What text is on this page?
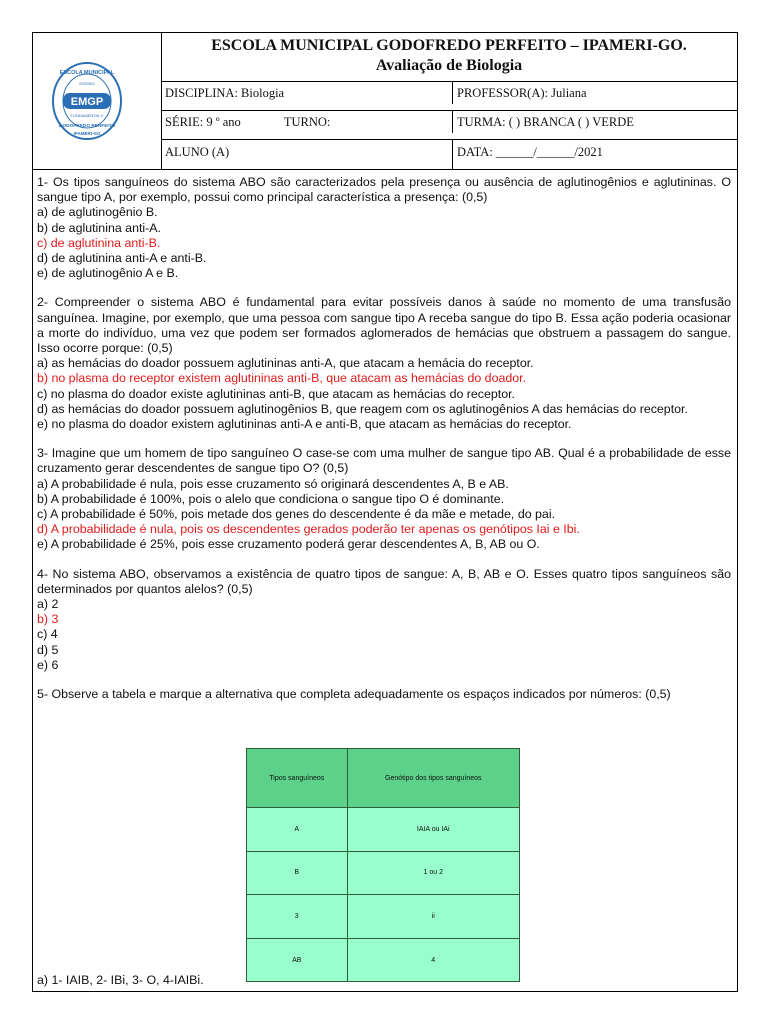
EMGP
ESCOLA MUNICIPAL
ENSINO
FUNDAMENTAL II
GODOFREDO PERFEITO
IPAMERI-GO
ESCOLA MUNICIPAL GODOFREDO PERFEITO – IPAMERI-GO.
Avaliação de Biologia
DISCIPLINA: Biologia	PROFESSOR(A): Juliana
SÉRIE: 9 º ano	TURNO:	TURMA: ( ) BRANCA ( ) VERDE
ALUNO (A)	DATA: ______/______/2021
1- Os tipos sanguíneos do sistema ABO são caracterizados pela presença ou ausência de aglutinogênios e aglutininas. O sangue tipo A, por exemplo, possui como principal característica a presença: (0,5)
a) de aglutinogênio B.
b) de aglutinina anti-A.
c) de aglutinina anti-B.
d) de aglutinina anti-A e anti-B.
e) de aglutinogênio A e B.
2- Compreender o sistema ABO é fundamental para evitar possíveis danos à saúde no momento de uma transfusão sanguínea. Imagine, por exemplo, que uma pessoa com sangue tipo A receba sangue do tipo B. Essa ação poderia ocasionar a morte do indivíduo, uma vez que podem ser formados aglomerados de hemácias que obstruem a passagem do sangue. Isso ocorre porque: (0,5)
a) as hemácias do doador possuem aglutininas anti-A, que atacam a hemácia do receptor.
b) no plasma do receptor existem aglutininas anti-B, que atacam as hemácias do doador.
c) no plasma do doador existe aglutininas anti-B, que atacam as hemácias do receptor.
d) as hemácias do doador possuem aglutinogênios B, que reagem com os aglutinogênios A das hemácias do receptor.
e) no plasma do doador existem aglutininas anti-A e anti-B, que atacam as hemácias do receptor.
3- Imagine que um homem de tipo sanguíneo O case-se com uma mulher de sangue tipo AB. Qual é a probabilidade de esse cruzamento gerar descendentes de sangue tipo O? (0,5)
a) A probabilidade é nula, pois esse cruzamento só originará descendentes A, B e AB.
b) A probabilidade é 100%, pois o alelo que condiciona o sangue tipo O é dominante.
c) A probabilidade é 50%, pois metade dos genes do descendente é da mãe e metade, do pai.
d) A probabilidade é nula, pois os descendentes gerados poderão ter apenas os genótipos Iai e Ibi.
e) A probabilidade é 25%, pois esse cruzamento poderá gerar descendentes A, B, AB ou O.
4- No sistema ABO, observamos a existência de quatro tipos de sangue: A, B, AB e O. Esses quatro tipos sanguíneos são determinados por quantos alelos? (0,5)
a) 2
b) 3
c) 4
d) 5
e) 6
5- Observe a tabela e marque a alternativa que completa adequadamente os espaços indicados por números: (0,5)
Tipos sanguíneos	Genótipo dos tipos sanguíneos
A	IAIA ou IAi
B	1 ou 2
3	ii
AB	4
a) 1- IAIB, 2- IBi, 3- O, 4-IAIBi.
